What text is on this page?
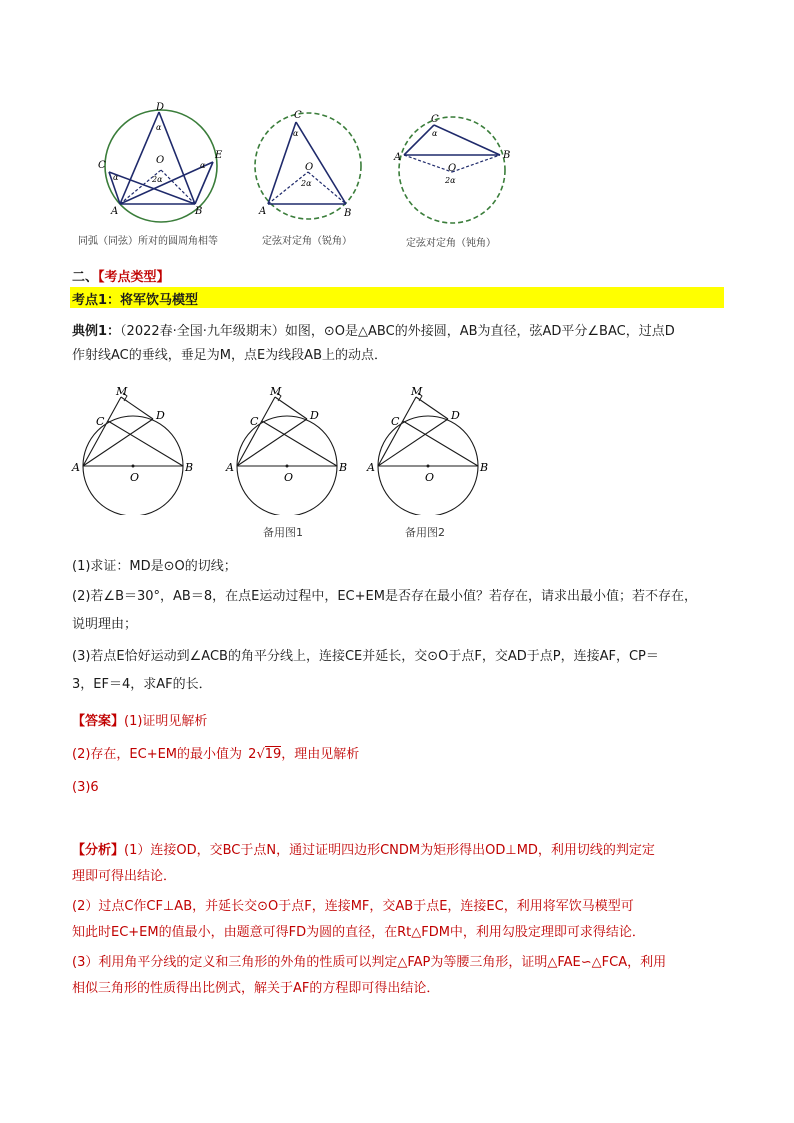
D
C
E
O
A	B
α
α
α
2α
同弧（同弦）所对的圆周角相等
C
O
A	B
α
2α
定弦对定角（锐角）
C
A	B
O
α
2α
定弦对定角（钝角）
二、【考点类型】
考点1：将军饮马模型
典例1：（2022春·全国·九年级期末）如图，⊙O是△ABC的外接圆，AB为直径，弦AD平分∠BAC，过点D
作射线AC的垂线，垂足为M，点E为线段AB上的动点．
M
C	D
A
O
B
M
C	D
A
O
B
备用图1
M
C	D
A
O
B
备用图2
(1)求证：MD是⊙O的切线；
(2)若∠B＝30°，AB＝8，在点E运动过程中，EC+EM是否存在最小值？若存在，请求出最小值；若不存在，
说明理由；
(3)若点E恰好运动到∠ACB的角平分线上，连接CE并延长，交⊙O于点F，交AD于点P，连接AF，CP＝
3，EF＝4，求AF的长．
【答案】(1)证明见解析
(2)存在，EC+EM的最小值为 2√19，理由见解析
(3)6
【分析】(1）连接OD，交BC于点N，通过证明四边形CNDM为矩形得出OD⊥MD，利用切线的判定定
理即可得出结论．
(2）过点C作CF⊥AB，并延长交⊙O于点F，连接MF，交AB于点E，连接EC，利用将军饮马模型可
知此时EC+EM的值最小，由题意可得FD为圆的直径，在Rt△FDM中，利用勾股定理即可求得结论．
(3）利用角平分线的定义和三角形的外角的性质可以判定△FAP为等腰三角形，证明△FAE∽△FCA，利用
相似三角形的性质得出比例式，解关于AF的方程即可得出结论．
